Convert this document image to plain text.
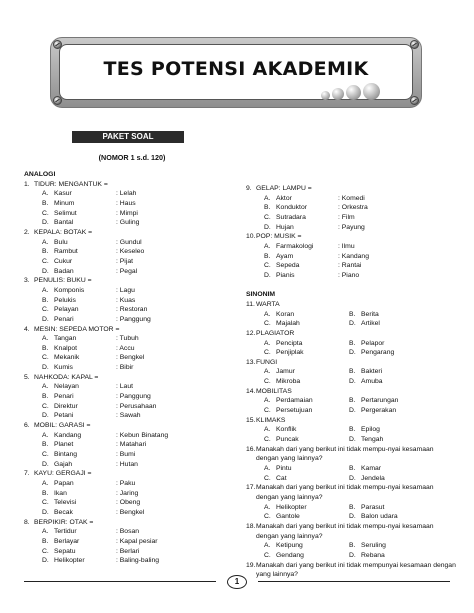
TES POTENSI AKADEMIK
PAKET SOAL
(NOMOR 1 s.d. 120)
ANALOGI
1. TIDUR: MENGANTUK =
A. Kasur	: Lelah
B. Minum	: Haus
C. Selimut	: Mimpi
D. Bantal	: Guling
2. KEPALA: BOTAK =
A. Bulu	: Gundul
B. Rambut	: Keseleo
C. Cukur	: Pijat
D. Badan	: Pegal
3. PENULIS: BUKU =
A. Komponis	: Lagu
B. Pelukis	: Kuas
C. Pelayan	: Restoran
D. Penari	: Panggung
4. MESIN: SEPEDA MOTOR =
A. Tangan	: Tubuh
B. Knalpot	: Accu
C. Mekanik	: Bengkel
D. Kumis	: Bibir
5. NAHKODA: KAPAL =
A. Nelayan	: Laut
B. Penari	: Panggung
C. Direktur	: Perusahaan
D. Petani	: Sawah
6. MOBIL: GARASI =
A. Kandang	: Kebun Binatang
B. Planet	: Matahari
C. Bintang	: Bumi
D. Gajah	: Hutan
7. KAYU: GERGAJI =
A. Papan	: Paku
B. Ikan	: Jaring
C. Televisi	: Obeng
D. Becak	: Bengkel
8. BERPIKIR: OTAK =
A. Tertidur	: Bosan
B. Berlayar	: Kapal pesiar
C. Sepatu	: Berlari
D. Helikopter	: Baling-baling
9. GELAP: LAMPU =
A. Aktor	: Komedi
B. Konduktor	: Orkestra
C. Sutradara	: Film
D. Hujan	: Payung
10. POP: MUSIK =
A. Farmakologi	: Ilmu
B. Ayam	: Kandang
C. Sepeda	: Rantai
D. Pianis	: Piano
SINONIM
11. WARTA
A. Koran	B. Berita
C. Majalah	D. Artikel
12. PLAGIATOR
A. Pencipta	B. Pelapor
C. Penjiplak	D. Pengarang
13. FUNGI
A. Jamur	B. Bakteri
C. Mikroba	D. Amuba
14. MOBILITAS
A. Perdamaian	B. Pertarungan
C. Persetujuan	D. Pergerakan
15. KLIMAKS
A. Konflik	B. Epilog
C. Puncak	D. Tengah
16. Manakah dari yang berikut ini tidak mempu-nyai kesamaan dengan yang lainnya?
A. Pintu	B. Kamar
C. Cat	D. Jendela
17. Manakah dari yang berikut ini tidak mempu-nyai kesamaan dengan yang lainnya?
A. Helikopter	B. Parasut
C. Gantole	D. Balon udara
18. Manakah dari yang berikut ini tidak mempu-nyai kesamaan dengan yang lainnya?
A. Ketipung	B. Seruling
C. Gendang	D. Rebana
19. Manakah dari yang berikut ini tidak mempunyai kesamaan dengan yang lainnya?
1
